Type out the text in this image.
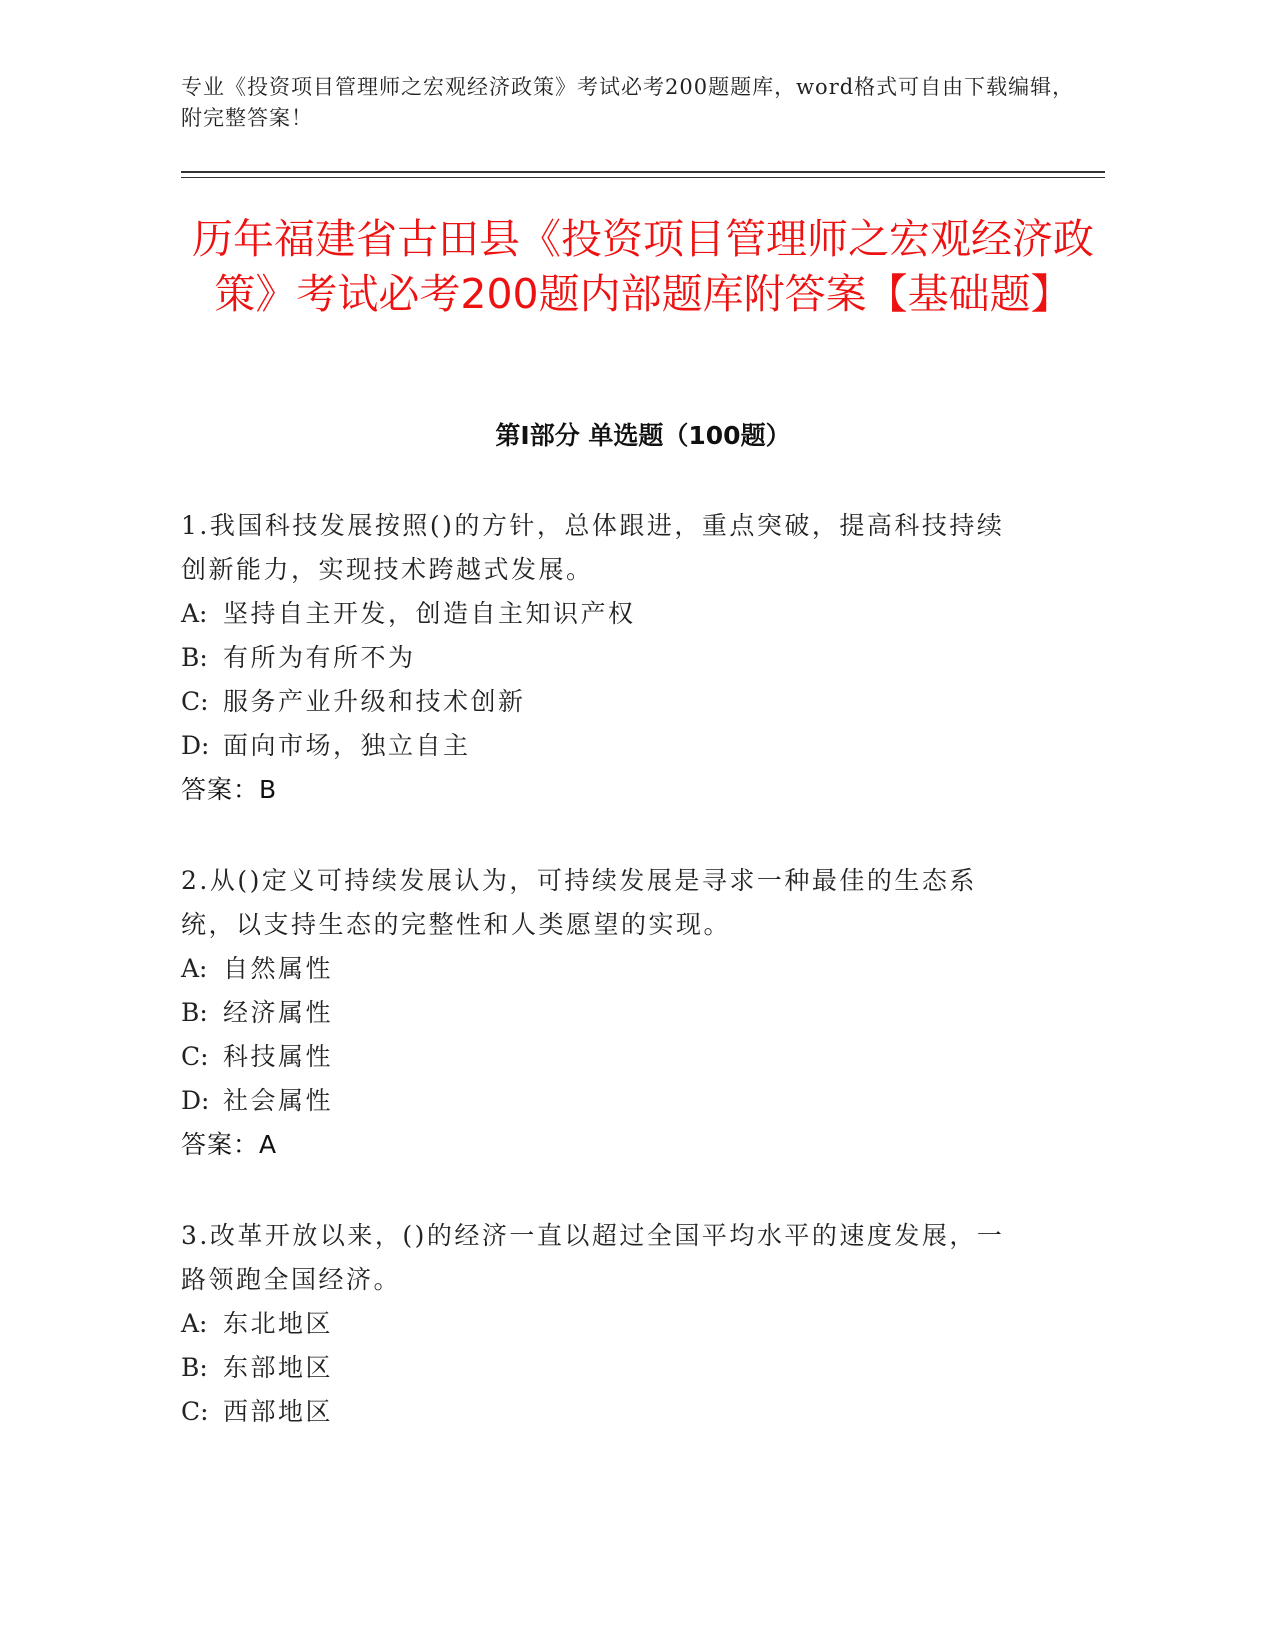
专业《投资项目管理师之宏观经济政策》考试必考200题题库，word格式可自由下载编辑，附完整答案！
历年福建省古田县《投资项目管理师之宏观经济政策》考试必考200题内部题库附答案【基础题】
第Ⅰ部分 单选题（100题）

1.我国科技发展按照()的方针，总体跟进，重点突破，提高科技持续创新能力，实现技术跨越式发展。

A: 坚持自主开发，创造自主知识产权

B: 有所为有所不为

C: 服务产业升级和技术创新

D: 面向市场，独立自主

答案：B

2.从()定义可持续发展认为，可持续发展是寻求一种最佳的生态系统，以支持生态的完整性和人类愿望的实现。

A: 自然属性

B: 经济属性

C: 科技属性

D: 社会属性

答案：A

3.改革开放以来，()的经济一直以超过全国平均水平的速度发展，一路领跑全国经济。

A: 东北地区

B: 东部地区

C: 西部地区
